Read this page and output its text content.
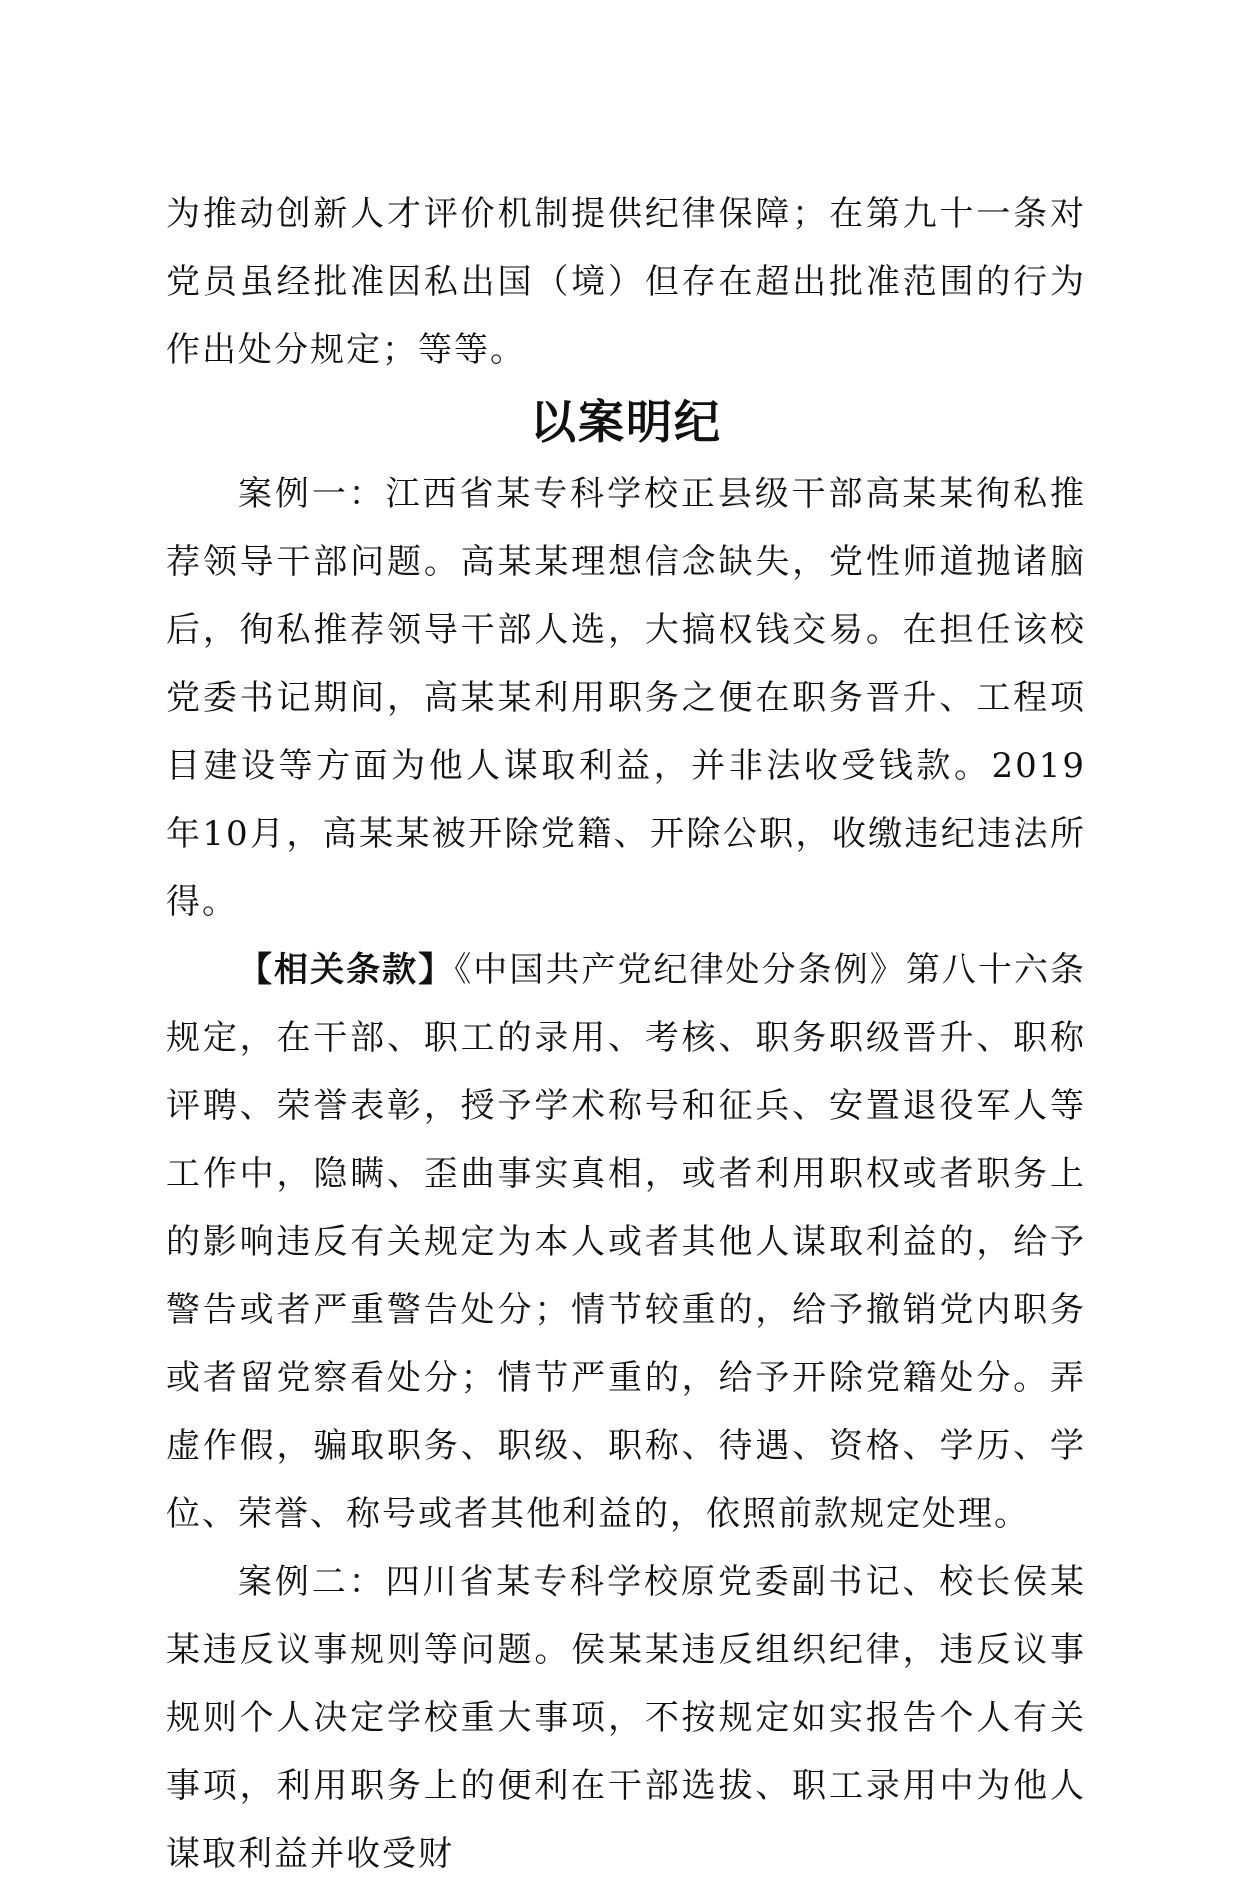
为推动创新人才评价机制提供纪律保障；在第九十一条对党员虽经批准因私出国（境）但存在超出批准范围的行为作出处分规定；等等。

以案明纪

案例一：江西省某专科学校正县级干部高某某徇私推荐领导干部问题。高某某理想信念缺失，党性师道抛诸脑后，徇私推荐领导干部人选，大搞权钱交易。在担任该校党委书记期间，高某某利用职务之便在职务晋升、工程项目建设等方面为他人谋取利益，并非法收受钱款。2019年10月，高某某被开除党籍、开除公职，收缴违纪违法所得。

【相关条款】《中国共产党纪律处分条例》第八十六条规定，在干部、职工的录用、考核、职务职级晋升、职称评聘、荣誉表彰，授予学术称号和征兵、安置退役军人等工作中，隐瞒、歪曲事实真相，或者利用职权或者职务上的影响违反有关规定为本人或者其他人谋取利益的，给予警告或者严重警告处分；情节较重的，给予撤销党内职务或者留党察看处分；情节严重的，给予开除党籍处分。弄虚作假，骗取职务、职级、职称、待遇、资格、学历、学位、荣誉、称号或者其他利益的，依照前款规定处理。

案例二：四川省某专科学校原党委副书记、校长侯某某违反议事规则等问题。侯某某违反组织纪律，违反议事规则个人决定学校重大事项，不按规定如实报告个人有关事项，利用职务上的便利在干部选拔、职工录用中为他人谋取利益并收受财
